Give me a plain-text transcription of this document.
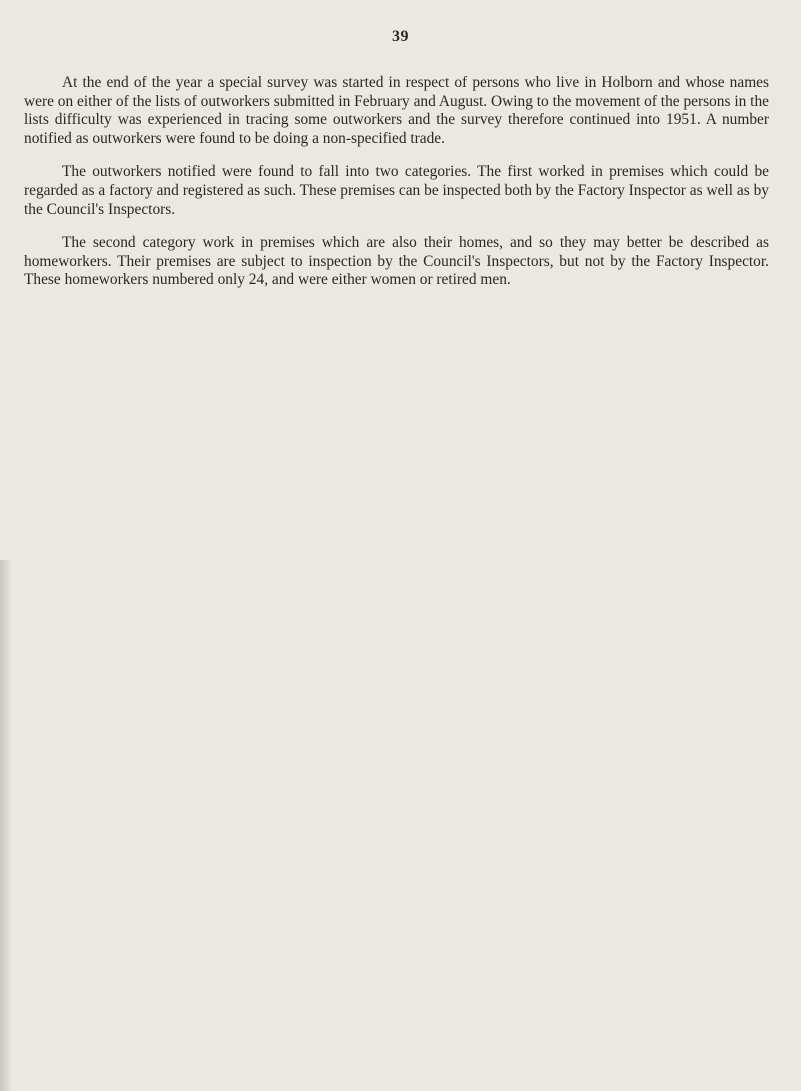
39

At the end of the year a special survey was started in respect of persons who live in Holborn and whose names were on either of the lists of outworkers submitted in February and August. Owing to the movement of the persons in the lists difficulty was experienced in tracing some outworkers and the survey therefore continued into 1951. A number notified as outworkers were found to be doing a non-specified trade.

The outworkers notified were found to fall into two categories. The first worked in premises which could be regarded as a factory and registered as such. These premises can be inspected both by the Factory Inspector as well as by the Council's Inspectors.

The second category work in premises which are also their homes, and so they may better be described as homeworkers. Their premises are subject to inspection by the Council's Inspectors, but not by the Factory Inspector. These homeworkers numbered only 24, and were either women or retired men.
